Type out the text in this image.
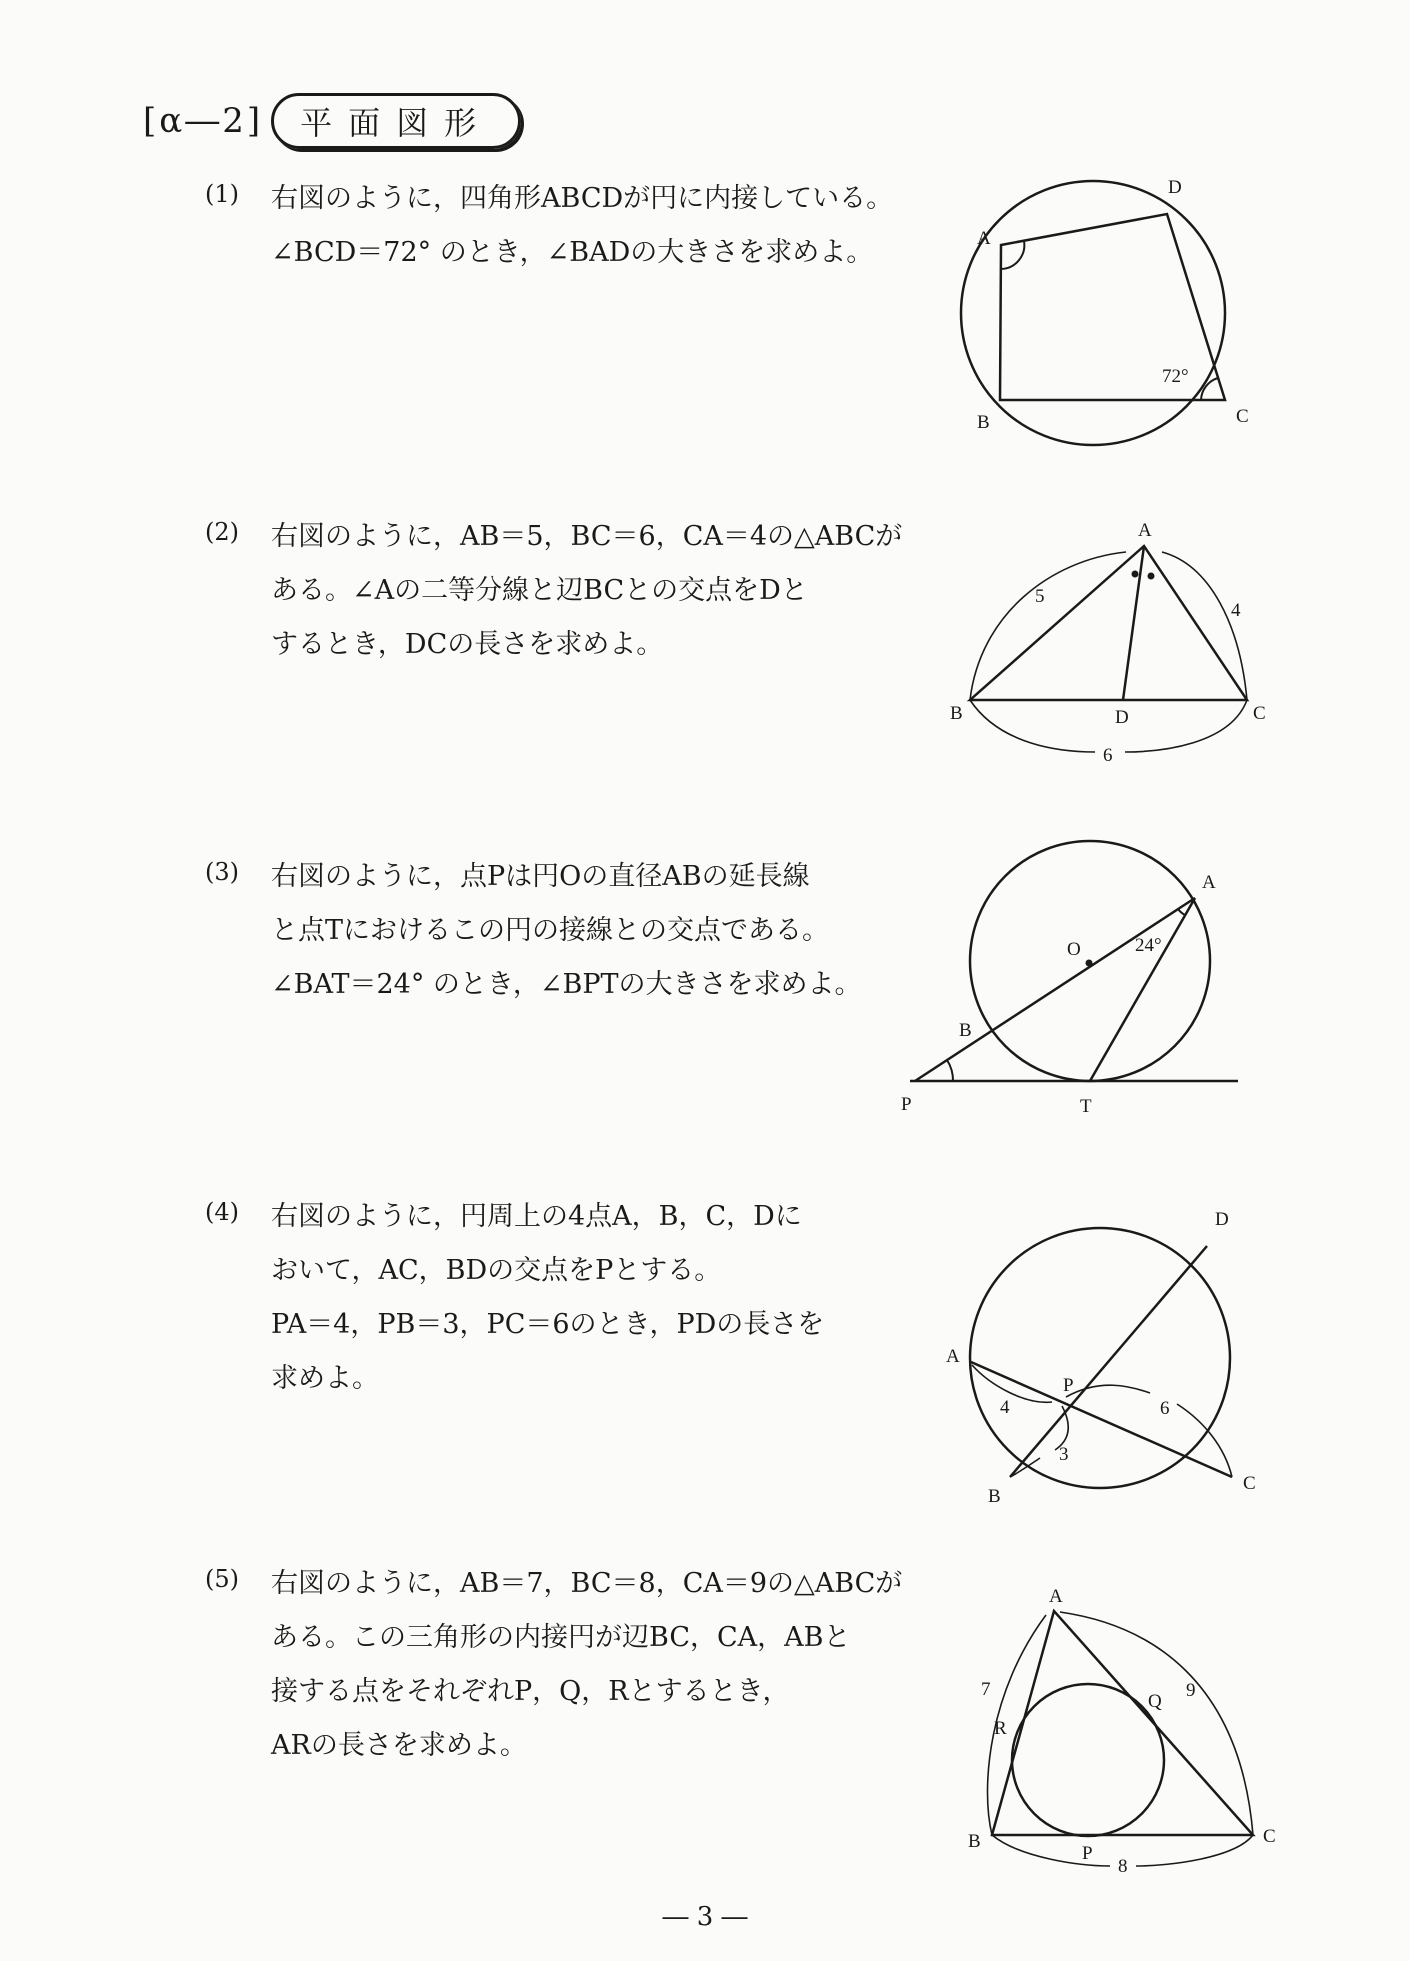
[α―2]	平面図形
(1) 右図のように，四角形ABCDが円に内接している。
∠BCD＝72° のとき，∠BADの大きさを求めよ。	A
B	C
D
72°
(2) 右図のように，AB＝5，BC＝6，CA＝4の△ABCが
ある。∠Aの二等分線と辺BCとの交点をDと
するとき，DCの長さを求めよ。
A
B	C
D
5
4
6
(3) 右図のように，点Pは円Oの直径ABの延長線
と点Tにおけるこの円の接線との交点である。
∠BAT＝24° のとき，∠BPTの大きさを求めよ。
A
B
O
P	T
24°
(4) 右図のように，円周上の4点A，B，C，Dに
おいて，AC，BDの交点をPとする。
PA＝4，PB＝3，PC＝6のとき，PDの長さを
求めよ。
A
B
C
D
P
4
3
6
(5) 右図のように，AB＝7，BC＝8，CA＝9の△ABCが
ある。この三角形の内接円が辺BC，CA，ABと
接する点をそれぞれP，Q，Rとするとき，
ARの長さを求めよ。
A
B	C
P
Q
R
7	9
8
― 3 ―
